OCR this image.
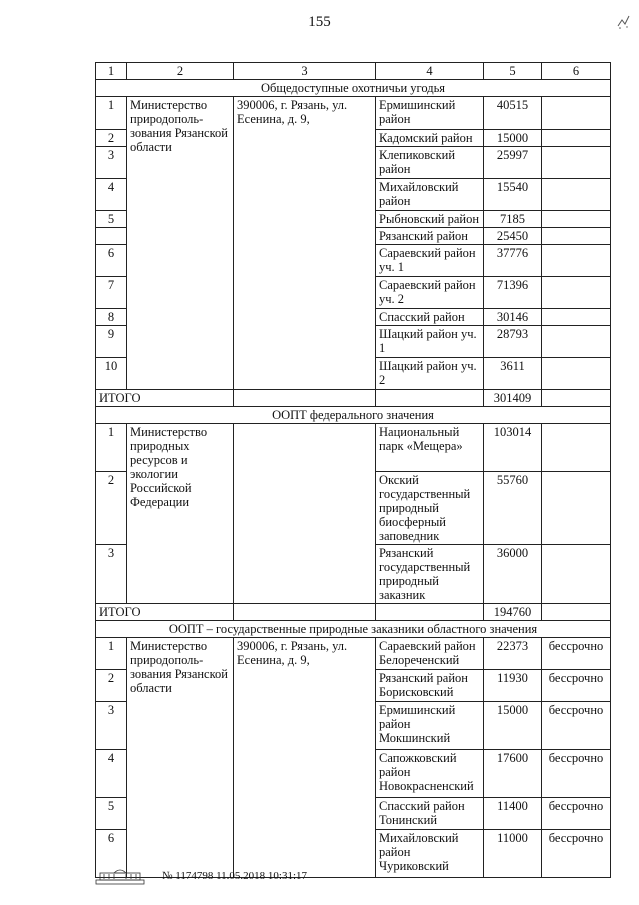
155
1	2	3	4	5	6
Общедоступные охотничьи угодья					
1	Министерство природополь-зования Рязанской области	390006, г. Рязань, ул. Есенина, д. 9,	Ермишинский район	40515	
2			Кадомский район	15000	
3			Клепиковский район	25997	
4			Михайловский район	15540	
5			Рыбновский район	7185	
			Рязанский район	25450	
6			Сараевский район уч. 1	37776	
7			Сараевский район уч. 2	71396	
8			Спасский район	30146	
9			Шацкий район уч. 1	28793	
10			Шацкий район уч. 2	3611	
ИТОГО				301409	
ООПТ федерального значения					
1	Министерство природных ресурсов и экологии Российской Федерации		Национальный парк «Мещера»	103014	
2			Окский государственный природный биосферный заповедник	55760	
3			Рязанский государственный природный заказник	36000	
ИТОГО				194760	
ООПТ – государственные природные заказники областного значения					
1	Министерство природополь-зования Рязанской области	390006, г. Рязань, ул. Есенина, д. 9,	Сараевский район Белореченский	22373	бессрочно
2			Рязанский район Борисковский	11930	бессрочно
3			Ермишинский район Мокшинский	15000	бессрочно
4			Сапожковский район Новокрасненский	17600	бессрочно
5			Спасский район Тонинский	11400	бессрочно
6			Михайловский район Чуриковский	11000	бессрочно
№ 1174798 11.05.2018 10:31:17
